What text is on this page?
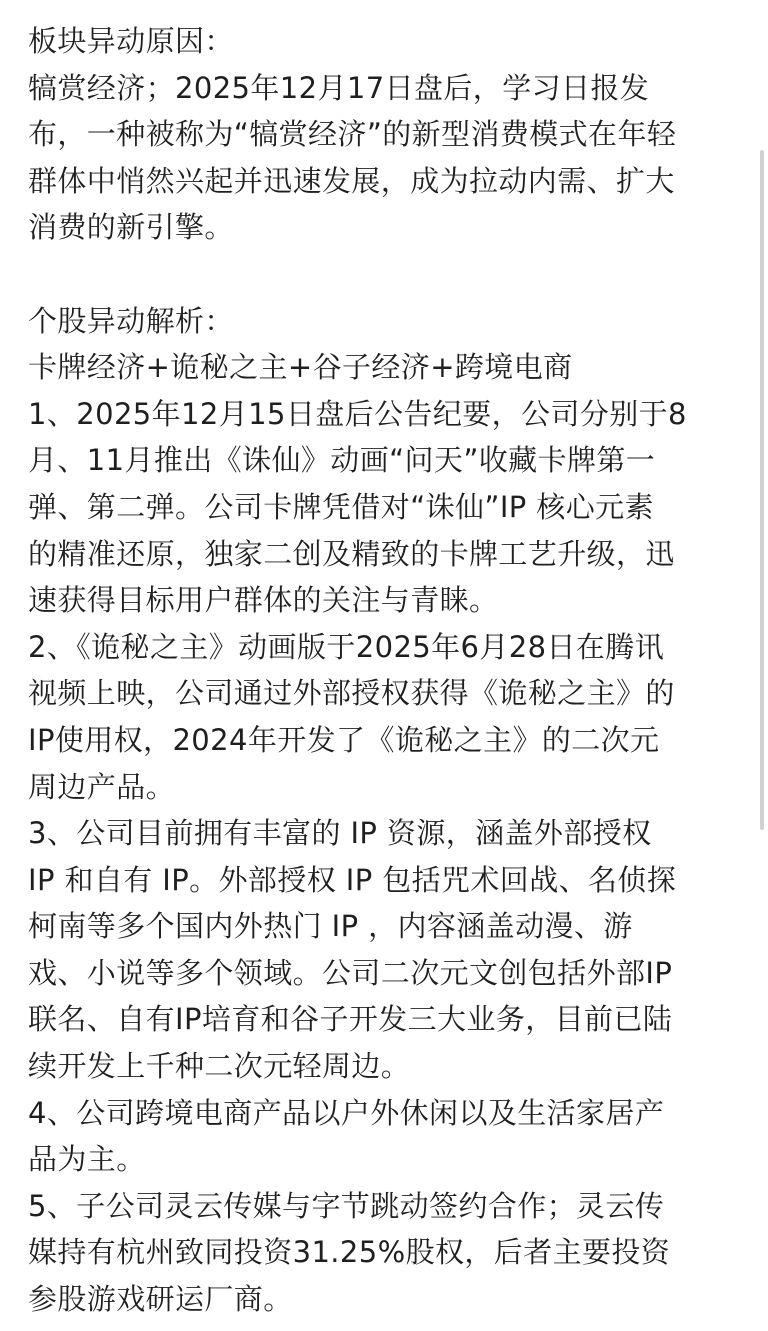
板块异动原因：
犒赏经济；2025年12月17日盘后，学习日报发
布，一种被称为“犒赏经济”的新型消费模式在年轻
群体中悄然兴起并迅速发展，成为拉动内需、扩大
消费的新引擎。
个股异动解析：
卡牌经济+诡秘之主+谷子经济+跨境电商
1、2025年12月15日盘后公告纪要，公司分别于8
月、11月推出《诛仙》动画“问天”收藏卡牌第一
弹、第二弹。公司卡牌凭借对“诛仙”IP 核心元素
的精准还原，独家二创及精致的卡牌工艺升级，迅
速获得目标用户群体的关注与青睐。
2、《诡秘之主》动画版于2025年6月28日在腾讯
视频上映，公司通过外部授权获得《诡秘之主》的
IP使用权，2024年开发了《诡秘之主》的二次元
周边产品。
3、公司目前拥有丰富的 IP 资源，涵盖外部授权
IP 和自有 IP。外部授权 IP 包括咒术回战、名侦探
柯南等多个国内外热门 IP ，内容涵盖动漫、游
戏、小说等多个领域。公司二次元文创包括外部IP
联名、自有IP培育和谷子开发三大业务，目前已陆
续开发上千种二次元轻周边。
4、公司跨境电商产品以户外休闲以及生活家居产
品为主。
5、子公司灵云传媒与字节跳动签约合作；灵云传
媒持有杭州致同投资31.25%股权，后者主要投资
参股游戏研运厂商。
